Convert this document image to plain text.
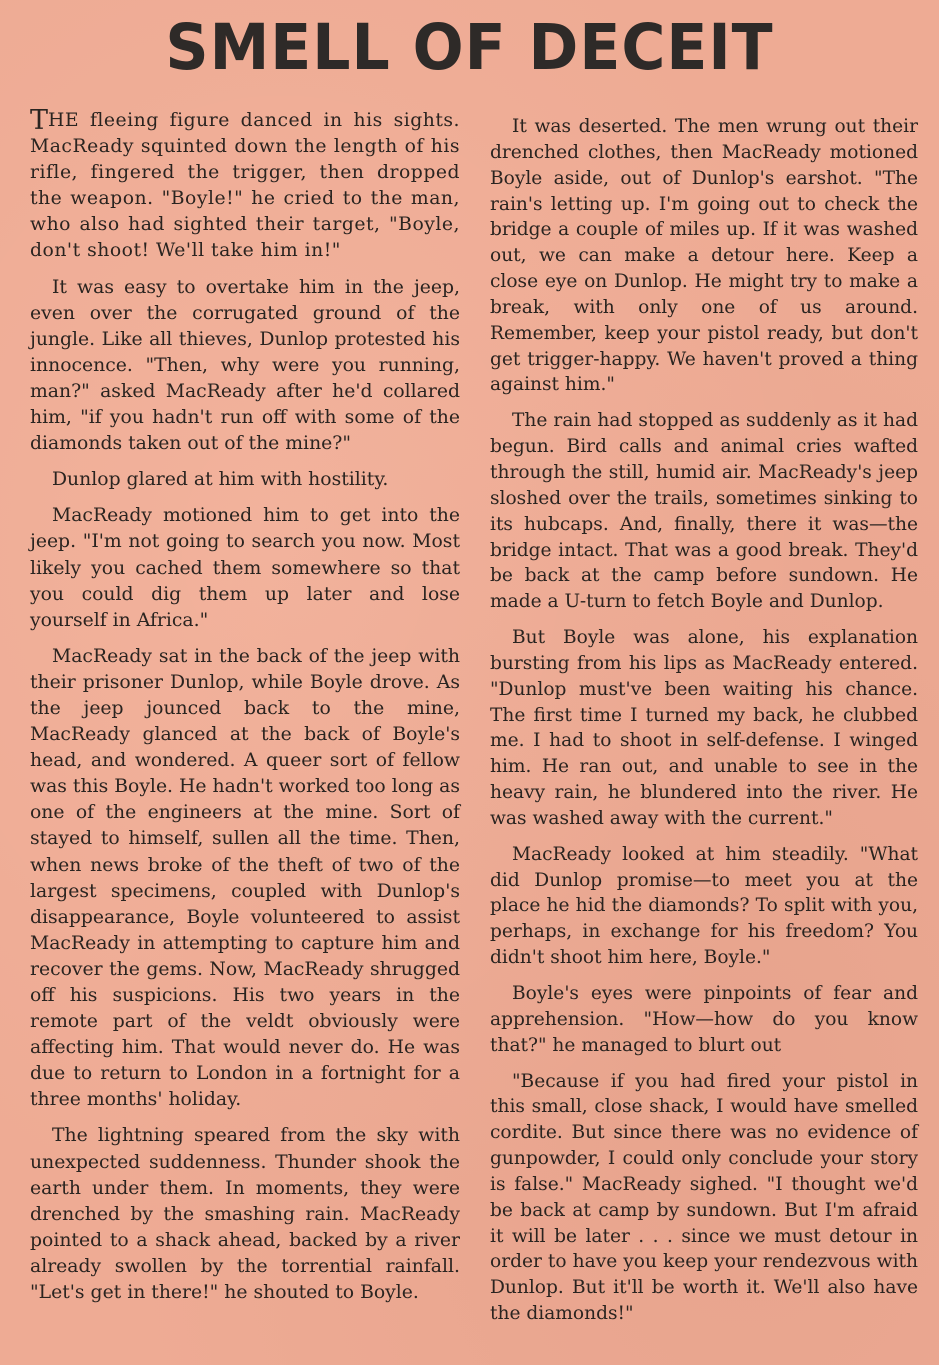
SMELL OF DECEIT

THE fleeing figure danced in his sights. MacReady squinted down the length of his rifle, fingered the trigger, then dropped the weapon. "Boyle!" he cried to the man, who also had sighted their target, "Boyle, don't shoot! We'll take him in!"

It was easy to overtake him in the jeep, even over the corrugated ground of the jungle. Like all thieves, Dunlop protested his innocence. "Then, why were you running, man?" asked MacReady after he'd collared him, "if you hadn't run off with some of the diamonds taken out of the mine?"

Dunlop glared at him with hostility.

MacReady motioned him to get into the jeep. "I'm not going to search you now. Most likely you cached them somewhere so that you could dig them up later and lose yourself in Africa."

MacReady sat in the back of the jeep with their prisoner Dunlop, while Boyle drove. As the jeep jounced back to the mine, MacReady glanced at the back of Boyle's head, and wondered. A queer sort of fellow was this Boyle. He hadn't worked too long as one of the engineers at the mine. Sort of stayed to himself, sullen all the time. Then, when news broke of the theft of two of the largest specimens, coupled with Dunlop's disappearance, Boyle volunteered to assist MacReady in attempting to capture him and recover the gems. Now, MacReady shrugged off his suspicions. His two years in the remote part of the veldt obviously were affecting him. That would never do. He was due to return to London in a fortnight for a three months' holiday.

The lightning speared from the sky with unexpected suddenness. Thunder shook the earth under them. In moments, they were drenched by the smashing rain. MacReady pointed to a shack ahead, backed by a river already swollen by the torrential rainfall. "Let's get in there!" he shouted to Boyle.

It was deserted. The men wrung out their drenched clothes, then MacReady motioned Boyle aside, out of Dunlop's earshot. "The rain's letting up. I'm going out to check the bridge a couple of miles up. If it was washed out, we can make a detour here. Keep a close eye on Dunlop. He might try to make a break, with only one of us around. Remember, keep your pistol ready, but don't get trigger-happy. We haven't proved a thing against him."

The rain had stopped as suddenly as it had begun. Bird calls and animal cries wafted through the still, humid air. MacReady's jeep sloshed over the trails, sometimes sinking to its hubcaps. And, finally, there it was—the bridge intact. That was a good break. They'd be back at the camp before sundown. He made a U-turn to fetch Boyle and Dunlop.

But Boyle was alone, his explanation bursting from his lips as MacReady entered. "Dunlop must've been waiting his chance. The first time I turned my back, he clubbed me. I had to shoot in self-defense. I winged him. He ran out, and unable to see in the heavy rain, he blundered into the river. He was washed away with the current."

MacReady looked at him steadily. "What did Dunlop promise—to meet you at the place he hid the diamonds? To split with you, perhaps, in exchange for his freedom? You didn't shoot him here, Boyle."

Boyle's eyes were pinpoints of fear and apprehension. "How—how do you know that?" he managed to blurt out

"Because if you had fired your pistol in this small, close shack, I would have smelled cordite. But since there was no evidence of gunpowder, I could only conclude your story is false." MacReady sighed. "I thought we'd be back at camp by sundown. But I'm afraid it will be later . . . since we must detour in order to have you keep your rendezvous with Dunlop. But it'll be worth it. We'll also have the diamonds!"
